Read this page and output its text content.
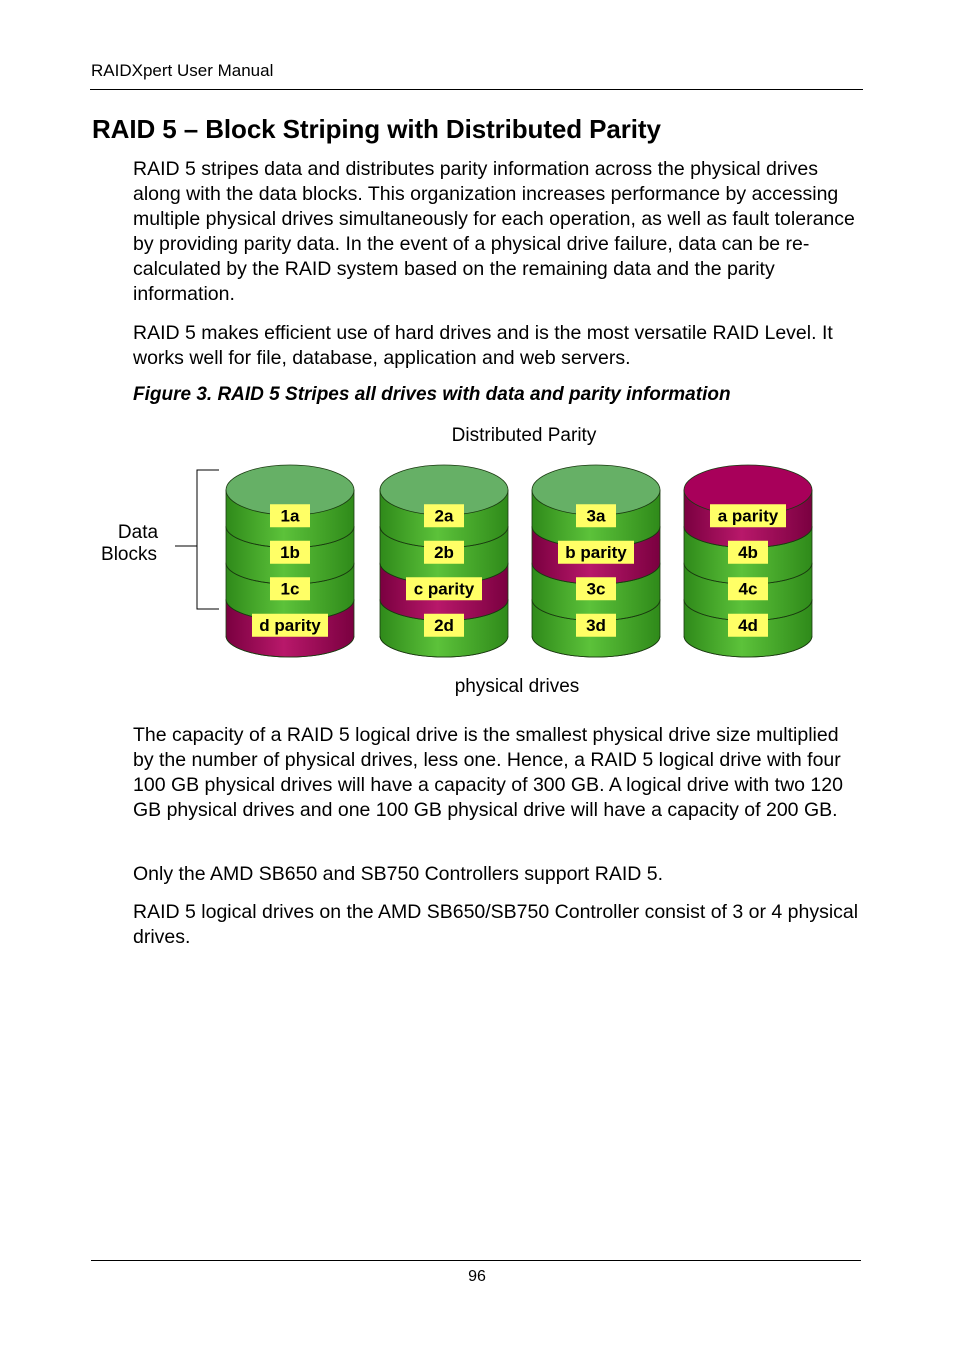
RAIDXpert User Manual
RAID 5 – Block Striping with Distributed Parity

RAID 5 stripes data and distributes parity information across the physical drives along with the data blocks. This organization increases performance by accessing multiple physical drives simultaneously for each operation, as well as fault tolerance by providing parity data. In the event of a physical drive failure, data can be re-calculated by the RAID system based on the remaining data and the parity information.

RAID 5 makes efficient use of hard drives and is the most versatile RAID Level. It works well for file, database, application and web servers.

Figure 3. RAID 5 Stripes all drives with data and parity information

Distributed Parity
Data
Blocks
1a
1b
1c
d parity
2a
2b
c parity
2d
3a
b parity
3c
3d
a parity
4b
4c
4d
physical drives

The capacity of a RAID 5 logical drive is the smallest physical drive size multiplied by the number of physical drives, less one. Hence, a RAID 5 logical drive with four 100 GB physical drives will have a capacity of 300 GB. A logical drive with two 120 GB physical drives and one 100 GB physical drive will have a capacity of 200 GB.

Only the AMD SB650 and SB750 Controllers support RAID 5.

RAID 5 logical drives on the AMD SB650/SB750 Controller consist of 3 or 4 physical drives.

96
